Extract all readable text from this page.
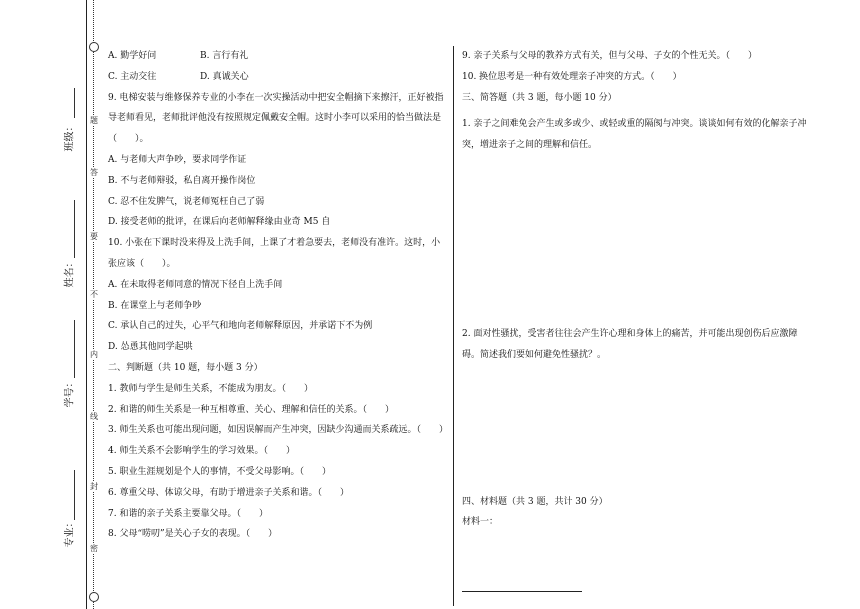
题
答
要
不
内
线
封
密
班级：
姓名：
学号：
专业：
A. 勤学好问	B. 言行有礼
C. 主动交往	D. 真诚关心
9. 电梯安装与维修保养专业的小李在一次实操活动中把安全帽摘下来擦汗，正好被指导老师看见，老师批评他没有按照规定佩戴安全帽。这时小李可以采用的恰当做法是（　　）。
A. 与老师大声争吵，要求同学作证
B. 不与老师辩驳，私自离开操作岗位
C. 忍不住发脾气，说老师冤枉自己了弱
D. 接受老师的批评，在课后向老师解释缘由业奇 M5 自
10. 小张在下课时没来得及上洗手间，上课了才着急要去，老师没有准许。这时，小张应该（　　）。
A. 在未取得老师同意的情况下径自上洗手间
B. 在课堂上与老师争吵
C. 承认自己的过失，心平气和地向老师解释原因，并承诺下不为例
D. 怂恿其他同学起哄
二、判断题（共 10 题，每小题 3 分）
1. 教师与学生是师生关系，不能成为朋友。（　　）
2. 和谐的师生关系是一种互相尊重、关心、理解和信任的关系。（　　）
3. 师生关系也可能出现问题，如因误解而产生冲突，因缺少沟通而关系疏远。（　　）
4. 师生关系不会影响学生的学习效果。（　　）
5. 职业生涯规划是个人的事情，不受父母影响。（　　）
6. 尊重父母、体谅父母，有助于增进亲子关系和谐。（　　）
7. 和谐的亲子关系主要靠父母。（　　）
8. 父母“唠叨”是关心子女的表现。（　　）
9. 亲子关系与父母的教养方式有关，但与父母、子女的个性无关。（　　）
10. 换位思考是一种有效处理亲子冲突的方式。（　　）
三、简答题（共 3 题，每小题 10 分）
1. 亲子之间难免会产生或多或少、或轻或重的隔阂与冲突。谈谈如何有效的化解亲子冲突，增进亲子之间的理解和信任。
2. 面对性骚扰，受害者往往会产生许心理和身体上的痛苦，并可能出现创伤后应激障碍。简述我们要如何避免性骚扰？。
四、材料题（共 3 题，共计 30 分）
材料一：
